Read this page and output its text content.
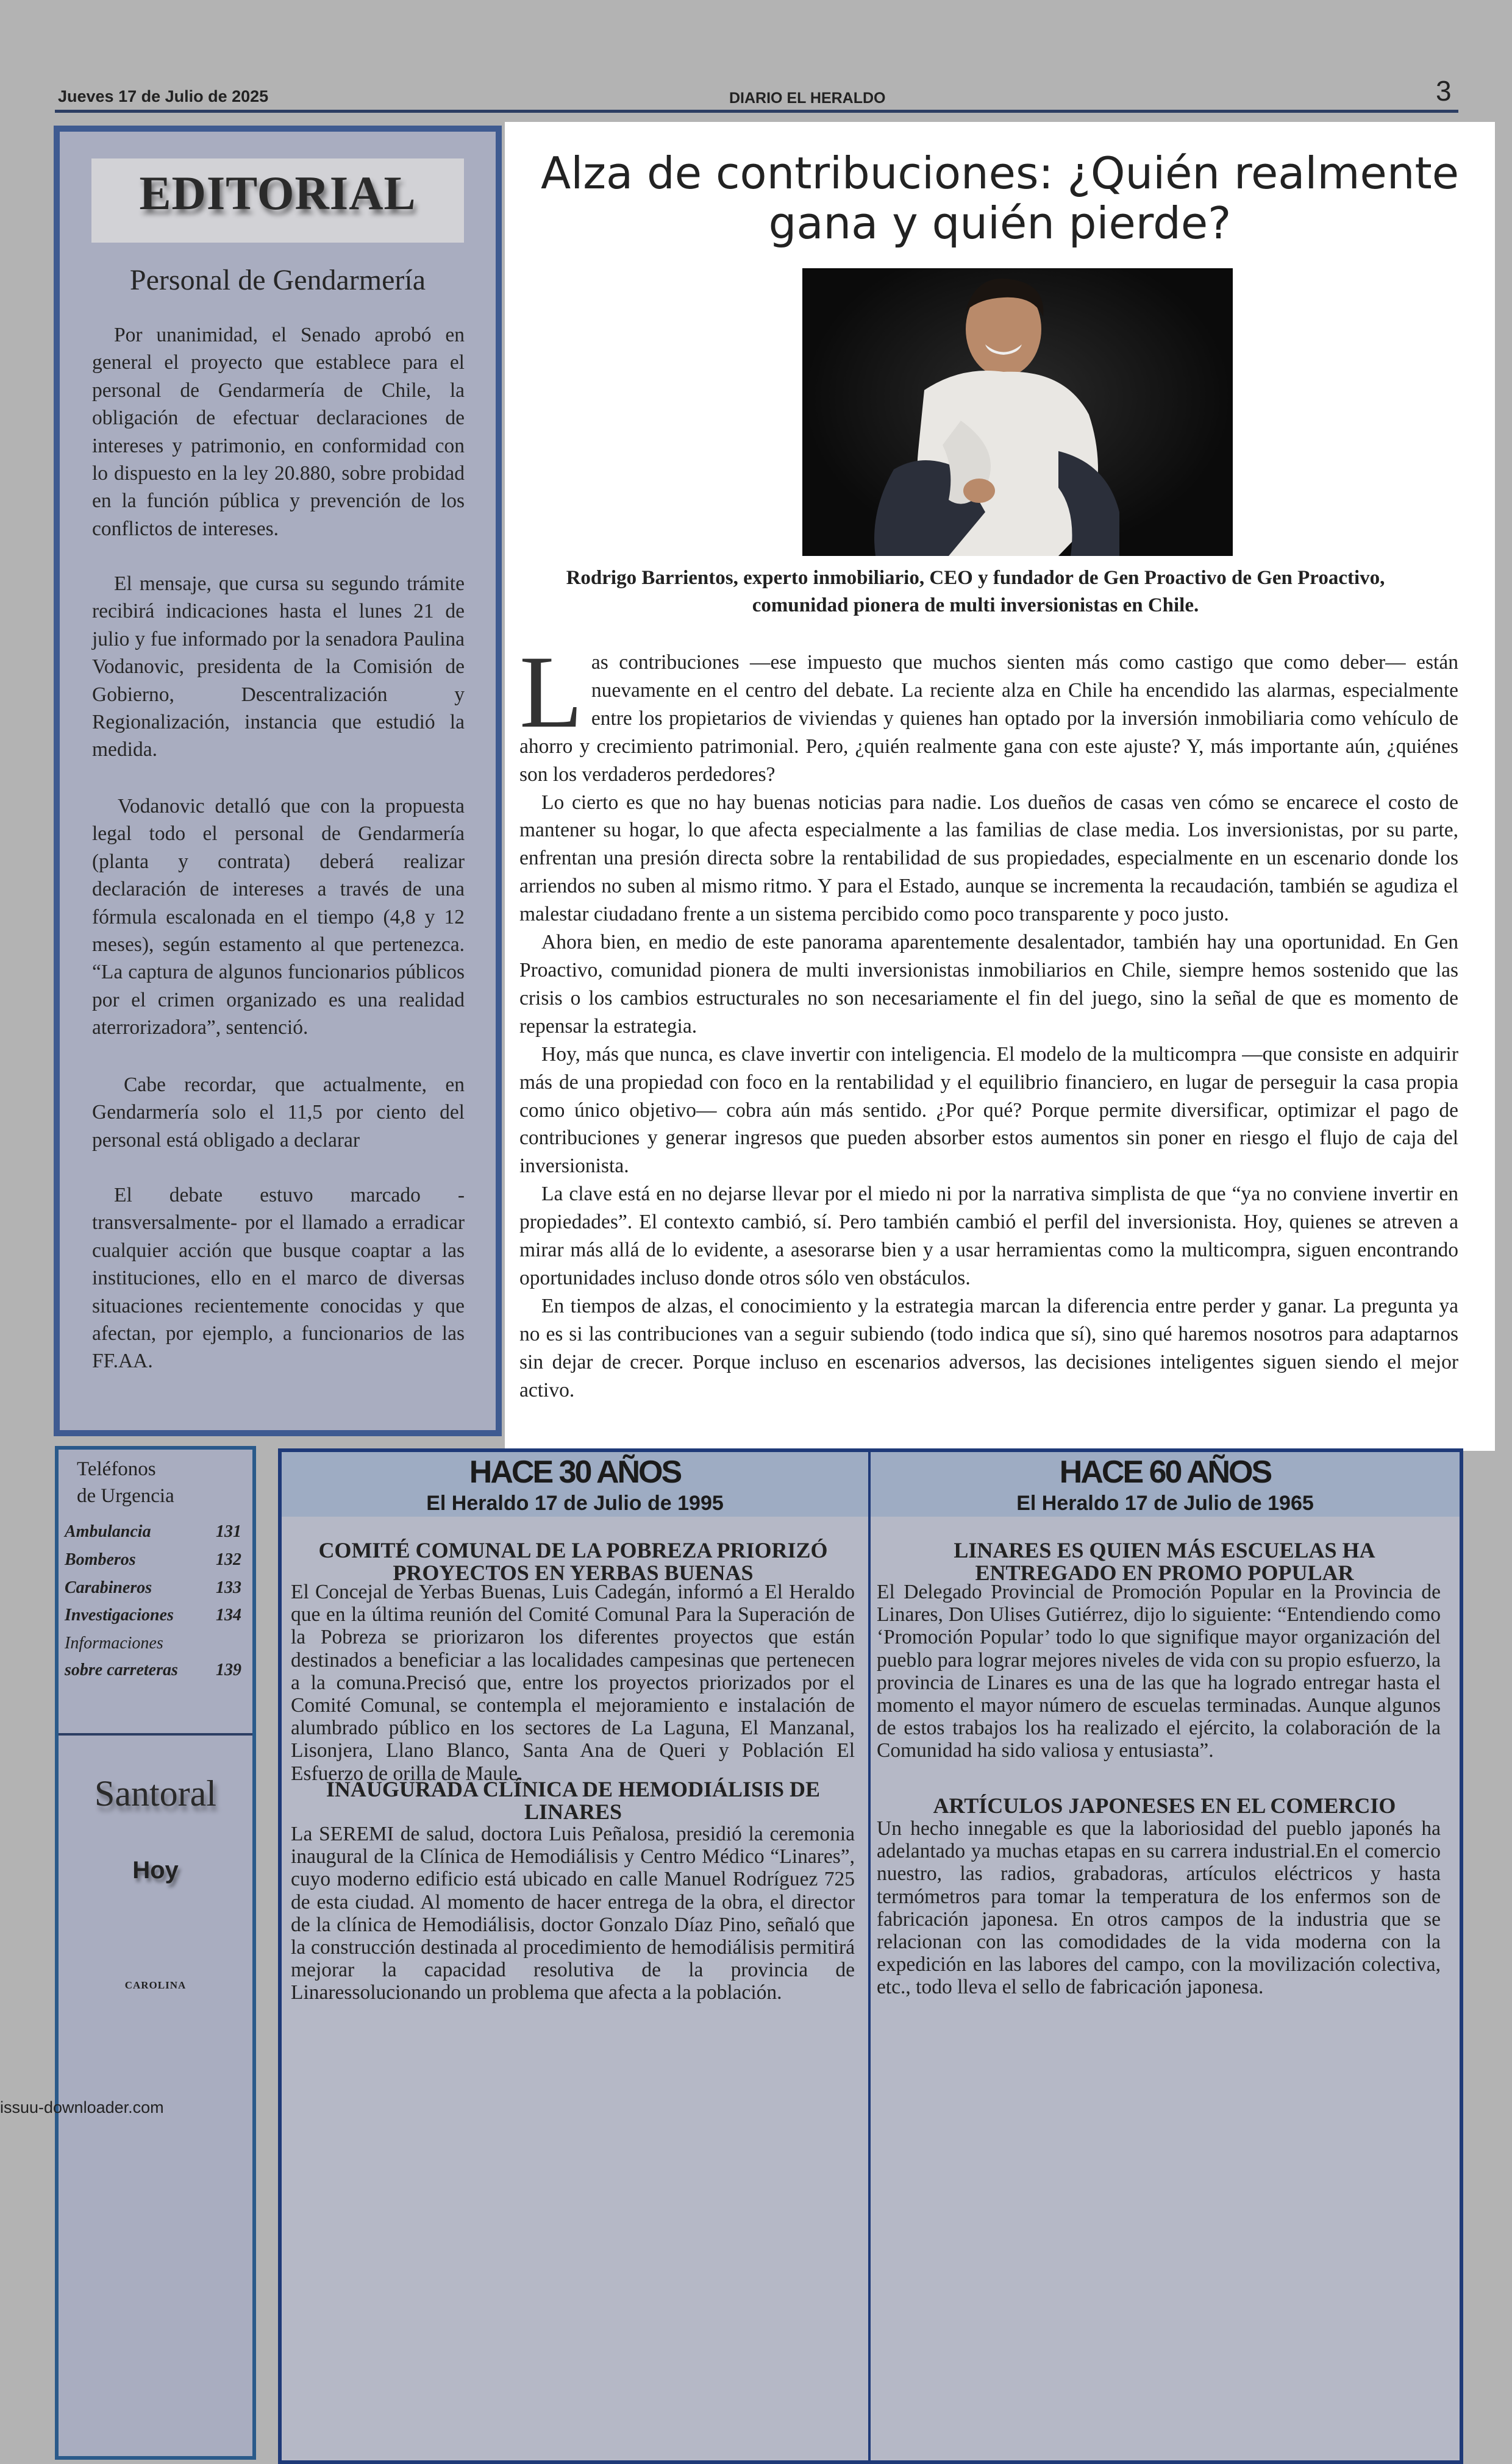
Jueves 17 de Julio de 2025	DIARIO EL HERALDO	3
EDITORIAL
Personal de Gendarmería
Por unanimidad, el Senado aprobó en general el proyecto que establece para el personal de Gendarmería de Chile, la obligación de efectuar declaraciones de intereses y patrimonio, en conformidad con lo dispuesto en la ley 20.880, sobre probidad en la función pública y prevención de los conflictos de intereses.
El mensaje, que cursa su segundo trámite recibirá indicaciones hasta el lunes 21 de julio y fue informado por la senadora Paulina Vodanovic, presidenta de la Comisión de Gobierno, Descentralización y Regionalización, instancia que estudió la medida.
Vodanovic detalló que con la propuesta legal todo el personal de Gendarmería (planta y contrata) deberá realizar declaración de intereses a través de una fórmula escalonada en el tiempo (4,8 y 12 meses), según estamento al que pertenezca. “La captura de algunos funcionarios públicos por el crimen organizado es una realidad aterrorizadora”, sentenció.
Cabe recordar, que actualmente, en Gendarmería solo el 11,5 por ciento del personal está obligado a declarar
El debate estuvo marcado -transversalmente- por el llamado a erradicar cualquier acción que busque coaptar a las instituciones, ello en el marco de diversas situaciones recientemente conocidas y que afectan, por ejemplo, a funcionarios de las FF.AA.
Alza de contribuciones: ¿Quién realmente gana y quién pierde?
Rodrigo Barrientos, experto inmobiliario, CEO y fundador de Gen Proactivo de Gen Proactivo, comunidad pionera de multi inversionistas en Chile.

Las contribuciones —ese impuesto que muchos sienten más como castigo que como deber— están nuevamente en el centro del debate. La reciente alza en Chile ha encendido las alarmas, especialmente entre los propietarios de viviendas y quienes han optado por la inversión inmobiliaria como vehículo de ahorro y crecimiento patrimonial. Pero, ¿quién realmente gana con este ajuste? Y, más importante aún, ¿quiénes son los verdaderos perdedores?

Lo cierto es que no hay buenas noticias para nadie. Los dueños de casas ven cómo se encarece el costo de mantener su hogar, lo que afecta especialmente a las familias de clase media. Los inversionistas, por su parte, enfrentan una presión directa sobre la rentabilidad de sus propiedades, especialmente en un escenario donde los arriendos no suben al mismo ritmo. Y para el Estado, aunque se incrementa la recaudación, también se agudiza el malestar ciudadano frente a un sistema percibido como poco transparente y poco justo.

Ahora bien, en medio de este panorama aparentemente desalentador, también hay una oportunidad. En Gen Proactivo, comunidad pionera de multi inversionistas inmobiliarios en Chile, siempre hemos sostenido que las crisis o los cambios estructurales no son necesariamente el fin del juego, sino la señal de que es momento de repensar la estrategia.

Hoy, más que nunca, es clave invertir con inteligencia. El modelo de la multicompra —que consiste en adquirir más de una propiedad con foco en la rentabilidad y el equilibrio financiero, en lugar de perseguir la casa propia como único objetivo— cobra aún más sentido. ¿Por qué? Porque permite diversificar, optimizar el pago de contribuciones y generar ingresos que pueden absorber estos aumentos sin poner en riesgo el flujo de caja del inversionista.

La clave está en no dejarse llevar por el miedo ni por la narrativa simplista de que “ya no conviene invertir en propiedades”. El contexto cambió, sí. Pero también cambió el perfil del inversionista. Hoy, quienes se atreven a mirar más allá de lo evidente, a asesorarse bien y a usar herramientas como la multicompra, siguen encontrando oportunidades incluso donde otros sólo ven obstáculos.

En tiempos de alzas, el conocimiento y la estrategia marcan la diferencia entre perder y ganar. La pregunta ya no es si las contribuciones van a seguir subiendo (todo indica que sí), sino qué haremos nosotros para adaptarnos sin dejar de crecer. Porque incluso en escenarios adversos, las decisiones inteligentes siguen siendo el mejor activo.

Teléfonos
de Urgencia
Ambulancia	131
Bomberos	132
Carabineros	133
Investigaciones 134
Informaciones
sobre carreteras 139
Santoral
Hoy
CAROLINA
HACE 30 AÑOS
El Heraldo 17 de Julio de 1995
COMITÉ COMUNAL DE LA POBREZA PRIORIZÓ PROYECTOS EN YERBAS BUENAS
El Concejal de Yerbas Buenas, Luis Cadegán, informó a El Heraldo que en la última reunión del Comité Comunal Para la Superación de la Pobreza se priorizaron los diferentes proyectos que están destinados a beneficiar a las localidades campesinas que pertenecen a la comuna.Precisó que, entre los proyectos priorizados por el Comité Comunal, se contempla el mejoramiento e instalación de alumbrado público en los sectores de La Laguna, El Manzanal, Lisonjera, Llano Blanco, Santa Ana de Queri y Población El Esfuerzo de orilla de Maule.
INAUGURADA CLÍNICA DE HEMODIÁLISIS DE LINARES
La SEREMI de salud, doctora Luis Peñalosa, presidió la ceremonia inaugural de la Clínica de Hemodiálisis y Centro Médico “Linares”, cuyo moderno edificio está ubicado en calle Manuel Rodríguez 725 de esta ciudad. Al momento de hacer entrega de la obra, el director de la clínica de Hemodiálisis, doctor Gonzalo Díaz Pino, señaló que la construcción destinada al procedimiento de hemodiálisis permitirá mejorar la capacidad resolutiva de la provincia de Linaressolucionando un problema que afecta a la población.
HACE 60 AÑOS
El Heraldo 17 de Julio de 1965
LINARES ES QUIEN MÁS ESCUELAS HA ENTREGADO EN PROMO POPULAR
El Delegado Provincial de Promoción Popular en la Provincia de Linares, Don Ulises Gutiérrez, dijo lo siguiente: “Entendiendo como ‘Promoción Popular’ todo lo que signifique mayor organización del pueblo para lograr mejores niveles de vida con su propio esfuerzo, la provincia de Linares es una de las que ha logrado entregar hasta el momento el mayor número de escuelas terminadas. Aunque algunos de estos trabajos los ha realizado el ejército, la colaboración de la Comunidad ha sido valiosa y entusiasta”.
ARTÍCULOS JAPONESES EN EL COMERCIO
Un hecho innegable es que la laboriosidad del pueblo japonés ha adelantado ya muchas etapas en su carrera industrial.En el comercio nuestro, las radios, grabadoras, artículos eléctricos y hasta termómetros para tomar la temperatura de los enfermos son de fabricación japonesa. En otros campos de la industria que se relacionan con las comodidades de la vida moderna con la expedición en las labores del campo, con la movilización colectiva, etc., todo lleva el sello de fabricación japonesa.
issuu-downloader.com
